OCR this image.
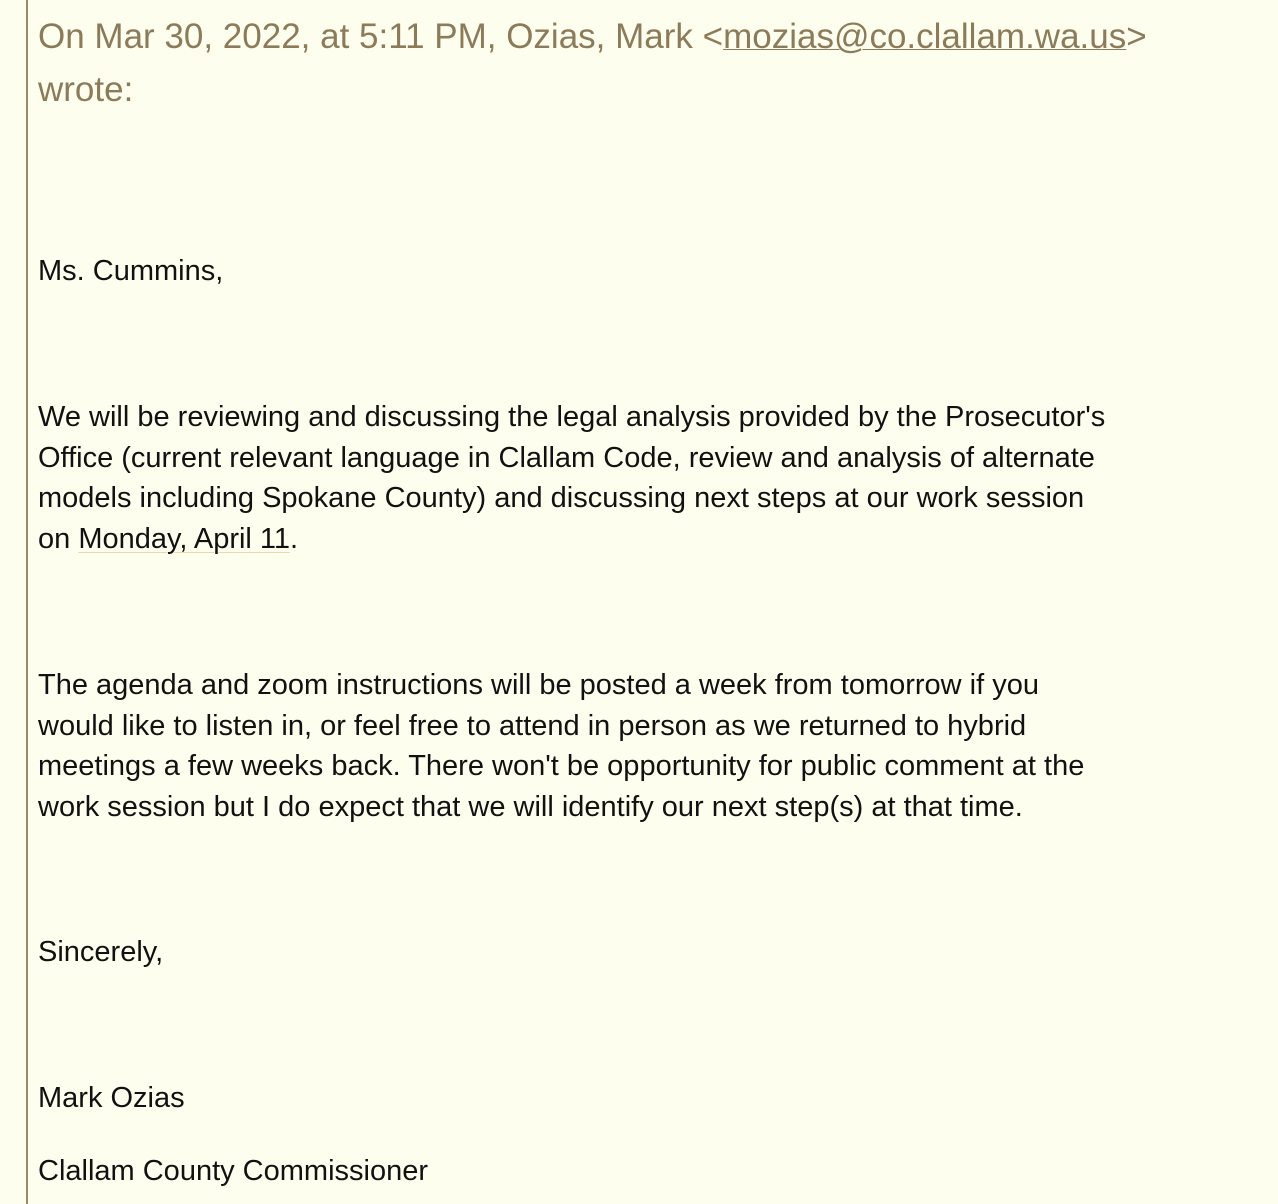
On Mar 30, 2022, at 5:11 PM, Ozias, Mark <mozias@co.clallam.wa.us>
wrote:
Ms. Cummins,
We will be reviewing and discussing the legal analysis provided by the Prosecutor's
Office (current relevant language in Clallam Code, review and analysis of alternate
models including Spokane County) and discussing next steps at our work session
on Monday, April 11.
The agenda and zoom instructions will be posted a week from tomorrow if you
would like to listen in, or feel free to attend in person as we returned to hybrid
meetings a few weeks back. There won't be opportunity for public comment at the
work session but I do expect that we will identify our next step(s) at that time.
Sincerely,
Mark Ozias
Clallam County Commissioner
